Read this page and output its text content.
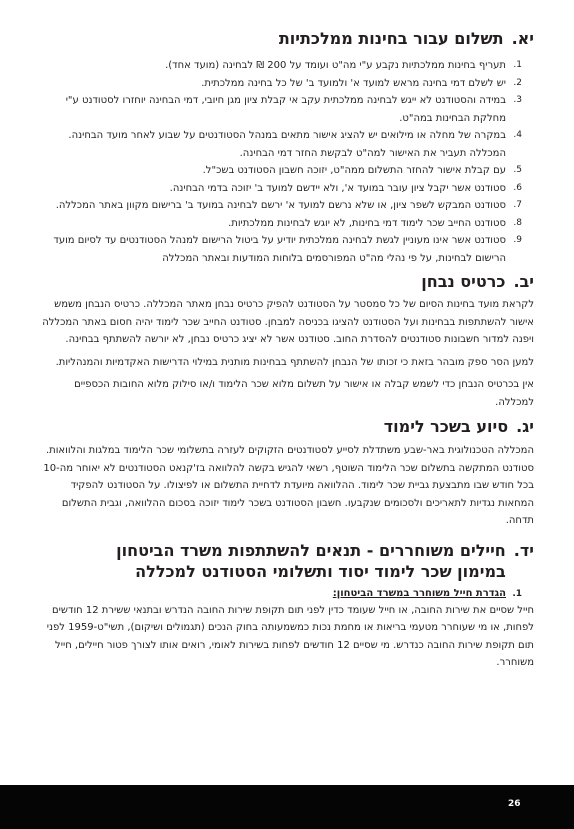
יא.
תשלום עבור בחינות ממלכתיות
1.
תעריף בחינות ממלכתיות נקבע ע"י מה"ט ועומד על 200 ₪ לבחינה (מועד אחד).
2.
יש לשלם דמי בחינה מראש למועד א' ולמועד ב' של כל בחינה ממלכתית.
3.
במידה והסטודנט לא ייגש לבחינה ממלכתית עקב אי קבלת ציון מגן חיובי, דמי הבחינה יוחזרו לסטודנט ע"י מחלקת הבחינות במה"ט.
4.
במקרה של מחלה או מילואים יש להציג אישור מתאים במנהל הסטודנטים על שבוע לאחר מועד הבחינה. המכללה תעביר את האישור למה"ט לבקשת החזר דמי הבחינה.
5.
עם קבלת אישור להחזר התשלום ממה"ט, יזוכה חשבון הסטודנט בשכ"ל.
6.
סטודנט אשר יקבל ציון עובר במועד א', ולא יידשם למועד ב' יזוכה בדמי הבחינה.
7.
סטודנט המבקש לשפר ציון, או שלא נרשם למועד א' ירשם לבחינה במועד ב' ברישום מקוון באתר המכללה.
8.
סטודנט החייב שכר לימוד דמי בחינות, לא יוגש לבחינות ממלכתיות.
9.
סטודנט אשר אינו מעוניין לגשת לבחינה ממלכתית יודיע על ביטול הרישום למנהל הסטודנטים עד לסיום מועד הרישום לבחינות, על פי נהלי מה"ט המפורסמים בלוחות המודעות ובאתר המכללה
יב.
כרטיס נבחן

לקראת מועד בחינות הסיום של כל סמסטר על הסטודנט להפיק כרטיס נבחן מאתר המכללה. כרטיס הנבחן משמש אישור להשתתפות בבחינות ועל הסטודנט להציגו בכניסה למבחן. סטודנט החייב שכר לימוד יהיה חסום באתר המכללה ויפנה למדור חשבונות סטודנטים להסדרת החוב. סטודנט אשר לא יציג כרטיס נבחן, לא יורשה להשתתף בבחינה.

למען הסר ספק מובהר בזאת כי זכותו של הנבחן להשתתף בבחינות מותנית במילוי הדרישות האקדמיות והמנהליות.

אין בכרטיס הנבחן כדי לשמש קבלה או אישור על תשלום מלוא שכר הלימוד ו/או סילוק מלוא החובות הכספיים למכללה.

יג.
סיוע בשכר לימוד

המכללה הטכנולוגית באר-שבע משתדלת לסייע לסטודנטים הזקוקים לעזרה בתשלומי שכר הלימוד במלגות והלוואות. סטודנט המתקשה בתשלום שכר הלימוד השוטף, רשאי להגיש בקשה להלוואה בז'קנאט הסטודנטים לא יאוחר מה-10 בכל חודש שבו מתבצעת גביית שכר לימוד. ההלוואה מיועדת לדחיית התשלום או לפיצולו. על הסטודנט להפקיד המחאות נגדיות לתאריכים ולסכומים שנקבעו. חשבון הסטודנט בשכר לימוד יזוכה בסכום ההלוואה, וגבית התשלום תדחה.

יד.
חיילים משוחררים - תנאים להשתתפות משרד הביטחון
במימון שכר לימוד יסוד ותשלומי הסטודנט למכללה
1.
הגדרת חייל משוחרר במשרד הביטחון:

חייל שסיים את שירות החובה, או חייל שעומד כדין לפני תום תקופת שירות החובה הנדרש ובתנאי ששירת 12 חודשים לפחות, או מי שעוחרר מטעמי בריאות או מחמת נכות כמשמעותה בחוק הנכים (תגמולים ושיקום), תשי"ט-1959 לפני תום תקופת שירות החובה כנדרש. מי שסיים 12 חודשים לפחות בשירות לאומי, רואים אותו לצורך פטור חיילים, חייל משוחרר.

26
